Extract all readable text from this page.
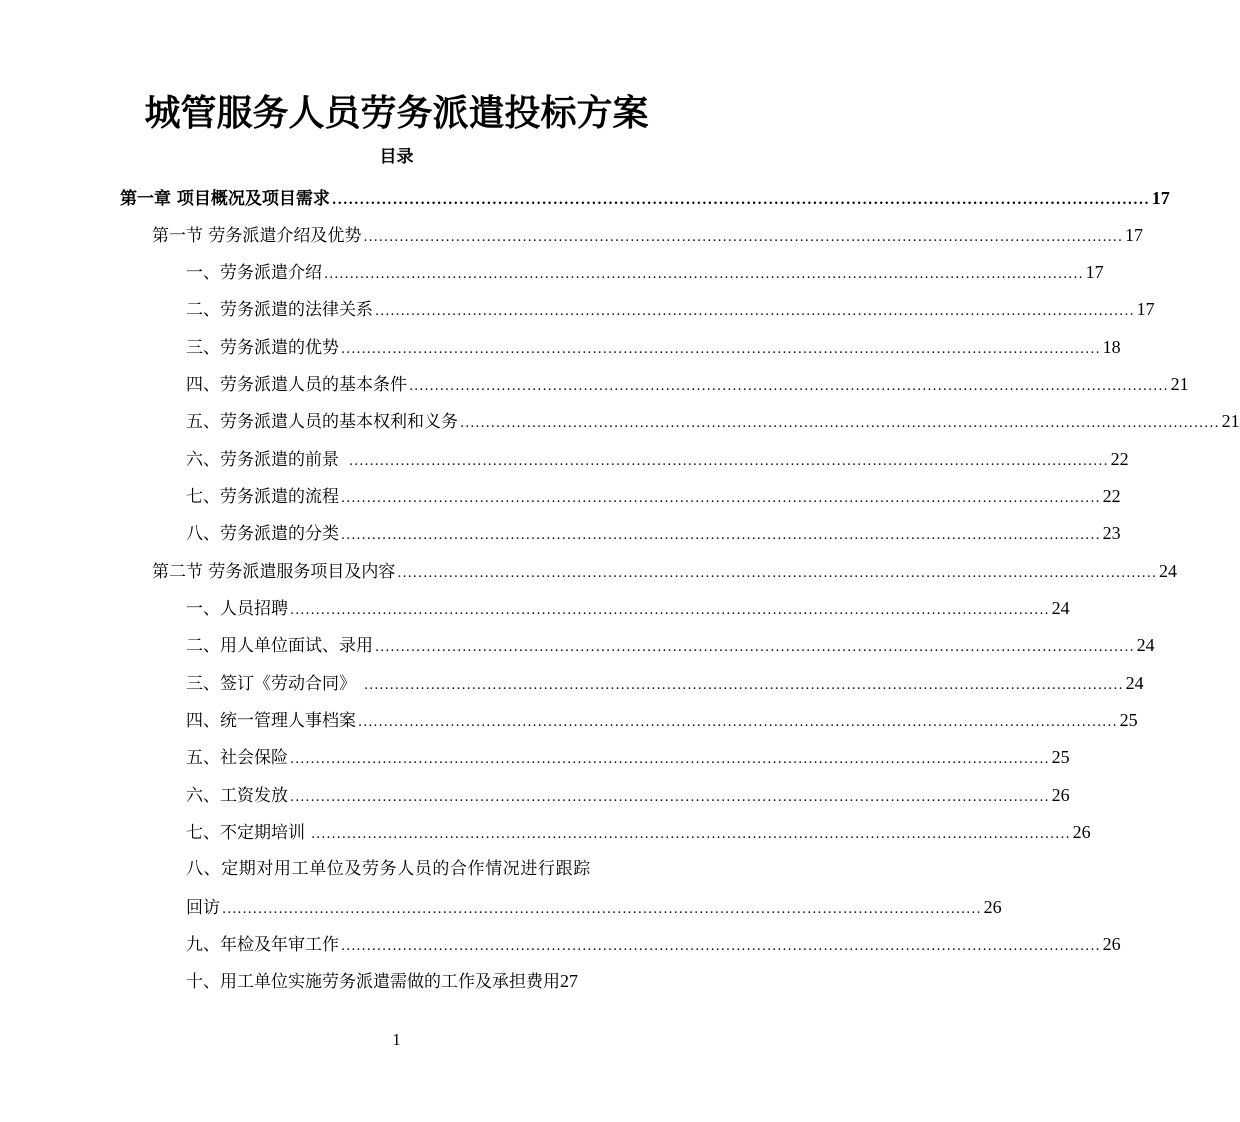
城管服务人员劳务派遣投标方案
目录
第一章 项目概况及项目需求 .................................................................................................................................................... 17
第一节 劳务派遣介绍及优势 .................................................................................................................................................... 17
一、劳务派遣介绍 .................................................................................................................................................... 17
二、劳务派遣的法律关系 .................................................................................................................................................... 17
三、劳务派遣的优势 .................................................................................................................................................... 18
四、劳务派遣人员的基本条件 .................................................................................................................................................... 21
五、劳务派遣人员的基本权利和义务 .................................................................................................................................................... 21
六、劳务派遣的前景 .................................................................................................................................................... 22
七、劳务派遣的流程 .................................................................................................................................................... 22
八、劳务派遣的分类 .................................................................................................................................................... 23
第二节 劳务派遣服务项目及内容 .................................................................................................................................................... 24
一、人员招聘 .................................................................................................................................................... 24
二、用人单位面试、录用 .................................................................................................................................................... 24
三、签订《劳动合同》 .................................................................................................................................................... 24
四、统一管理人事档案 .................................................................................................................................................... 25
五、社会保险 .................................................................................................................................................... 25
六、工资发放 .................................................................................................................................................... 26
七、不定期培训 .................................................................................................................................................... 26
八、定期对用工单位及劳务人员的合作情况进行跟踪
回访 .................................................................................................................................................... 26
九、年检及年审工作 .................................................................................................................................................... 26
十、用工单位实施劳务派遣需做的工作及承担费用 27
1
